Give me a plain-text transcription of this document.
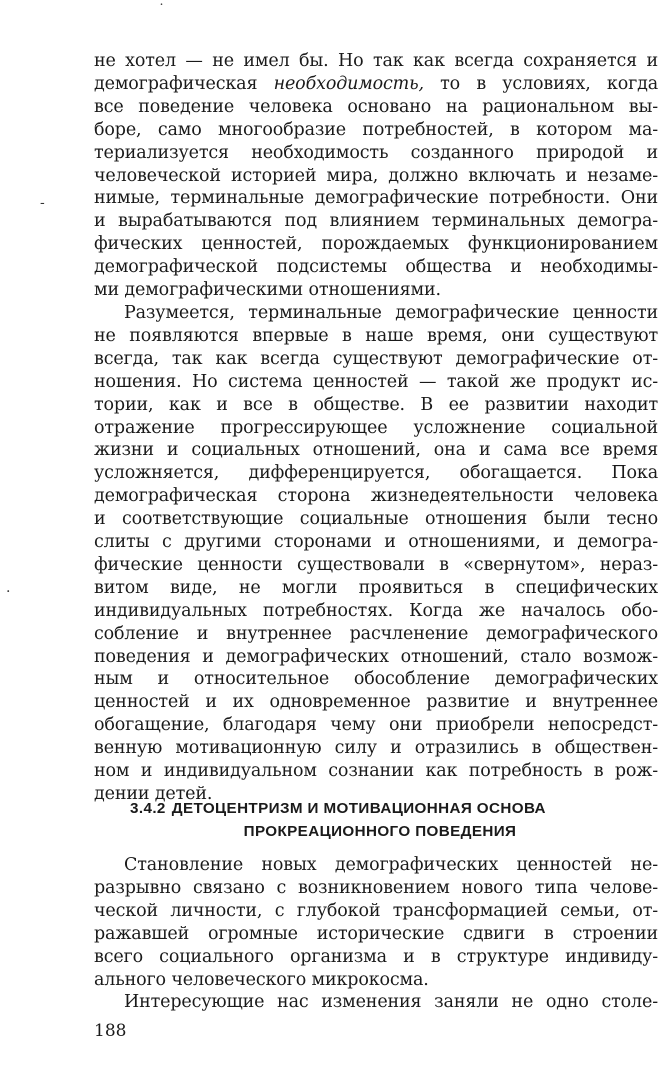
˙
-
.

не хотел — не имел бы. Но так как всегда сохраняется и
демографическая необходимость, то в условиях, когда
все поведение человека основано на рациональном вы-
боре, само многообразие потребностей, в котором ма-
териализуется необходимость созданного природой и
человеческой историей мира, должно включать и незаме-
нимые, терминальные демографические потребности. Они
и вырабатываются под влиянием терминальных демогра-
фических ценностей, порождаемых функционированием
демографической подсистемы общества и необходимы-
ми демографическими отношениями.

Разумеется, терминальные демографические ценности
не появляются впервые в наше время, они существуют
всегда, так как всегда существуют демографические от-
ношения. Но система ценностей — такой же продукт ис-
тории, как и все в обществе. В ее развитии находит
отражение прогрессирующее усложнение социальной
жизни и социальных отношений, она и сама все время
усложняется, дифференцируется, обогащается. Пока
демографическая сторона жизнедеятельности человека
и соответствующие социальные отношения были тесно
слиты с другими сторонами и отношениями, и демогра-
фические ценности существовали в «свернутом», нераз-
витом виде, не могли проявиться в специфических
индивидуальных потребностях. Когда же началось обо-
собление и внутреннее расчленение демографического
поведения и демографических отношений, стало возмож-
ным и относительное обособление демографических
ценностей и их одновременное развитие и внутреннее
обогащение, благодаря чему они приобрели непосредст-
венную мотивационную силу и отразились в обществен-
ном и индивидуальном сознании как потребность в рож-
дении детей.

3.4.2 ДЕТОЦЕНТРИЗМ И МОТИВАЦИОННАЯ ОСНОВА
ПРОКРЕАЦИОННОГО ПОВЕДЕНИЯ

Становление новых демографических ценностей не-
разрывно связано с возникновением нового типа челове-
ческой личности, с глубокой трансформацией семьи, от-
ражавшей огромные исторические сдвиги в строении
всего социального организма и в структуре индивиду-
ального человеческого микрокосма.

Интересующие нас изменения заняли не одно столе-

188
